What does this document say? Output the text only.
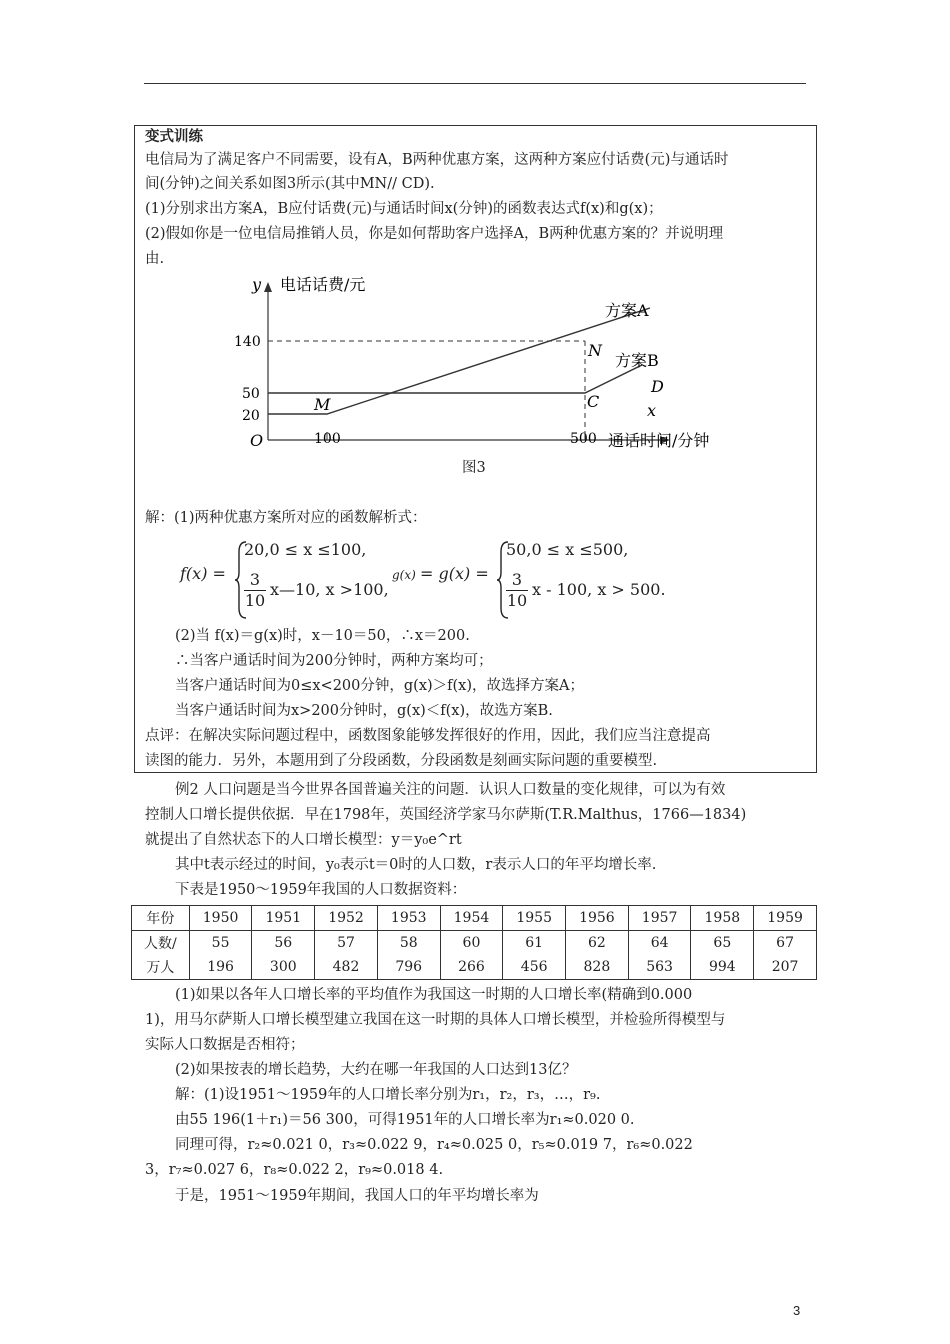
变式训练
电信局为了满足客户不同需要，设有A，B两种优惠方案，这两种方案应付话费(元)与通话时
间(分钟)之间关系如图3所示(其中MN// CD).
(1)分别求出方案A，B应付话费(元)与通话时间x(分钟)的函数表达式f(x)和g(x)；
(2)假如你是一位电信局推销人员，你是如何帮助客户选择A，B两种优惠方案的？并说明理
由.
y 电话话费/元
x
通话时间/分钟
O
140
50
20
100	500
M
N
C
D
方案A
方案B
图3
解：(1)两种优惠方案所对应的函数解析式：
f(x) =
20,0 ≤ x ≤100,
$\frac{3}{10}$ x—10, x >100,
g(x) = g(x) =
50,0 ≤ x ≤500,
$\frac{3}{10}$ x - 100, x > 500.
(2)当 f(x)＝g(x)时，x－10＝50，∴x＝200.
∴当客户通话时间为200分钟时，两种方案均可；
当客户通话时间为0≤x<200分钟，g(x)＞f(x)，故选择方案A；
当客户通话时间为x>200分钟时，g(x)＜f(x)，故选方案B.
点评：在解决实际问题过程中，函数图象能够发挥很好的作用，因此，我们应当注意提高
读图的能力．另外，本题用到了分段函数，分段函数是刻画实际问题的重要模型.
例2 人口问题是当今世界各国普遍关注的问题．认识人口数量的变化规律，可以为有效
控制人口增长提供依据．早在1798年，英国经济学家马尔萨斯(T.R.Malthus，1766—1834)
就提出了自然状态下的人口增长模型：y＝y₀e^rt
其中t表示经过的时间，y₀表示t＝0时的人口数，r表示人口的年平均增长率.
下表是1950～1959年我国的人口数据资料：
年份	1950	1951	1952	1953	1954	1955	1956	1957	1958	1959
人数/	55	56	57	58	60	61	62	64	65	67
万人	196	300	482	796	266	456	828	563	994	207
(1)如果以各年人口增长率的平均值作为我国这一时期的人口增长率(精确到0.000
1)，用马尔萨斯人口增长模型建立我国在这一时期的具体人口增长模型，并检验所得模型与
实际人口数据是否相符；
(2)如果按表的增长趋势，大约在哪一年我国的人口达到13亿？
解：(1)设1951～1959年的人口增长率分别为r₁，r₂，r₃，…，r₉.
由55 196(1＋r₁)＝56 300，可得1951年的人口增长率为r₁≈0.020 0.
同理可得，r₂≈0.021 0，r₃≈0.022 9，r₄≈0.025 0，r₅≈0.019 7，r₆≈0.022
3，r₇≈0.027 6，r₈≈0.022 2，r₉≈0.018 4.
于是，1951～1959年期间，我国人口的年平均增长率为
3
